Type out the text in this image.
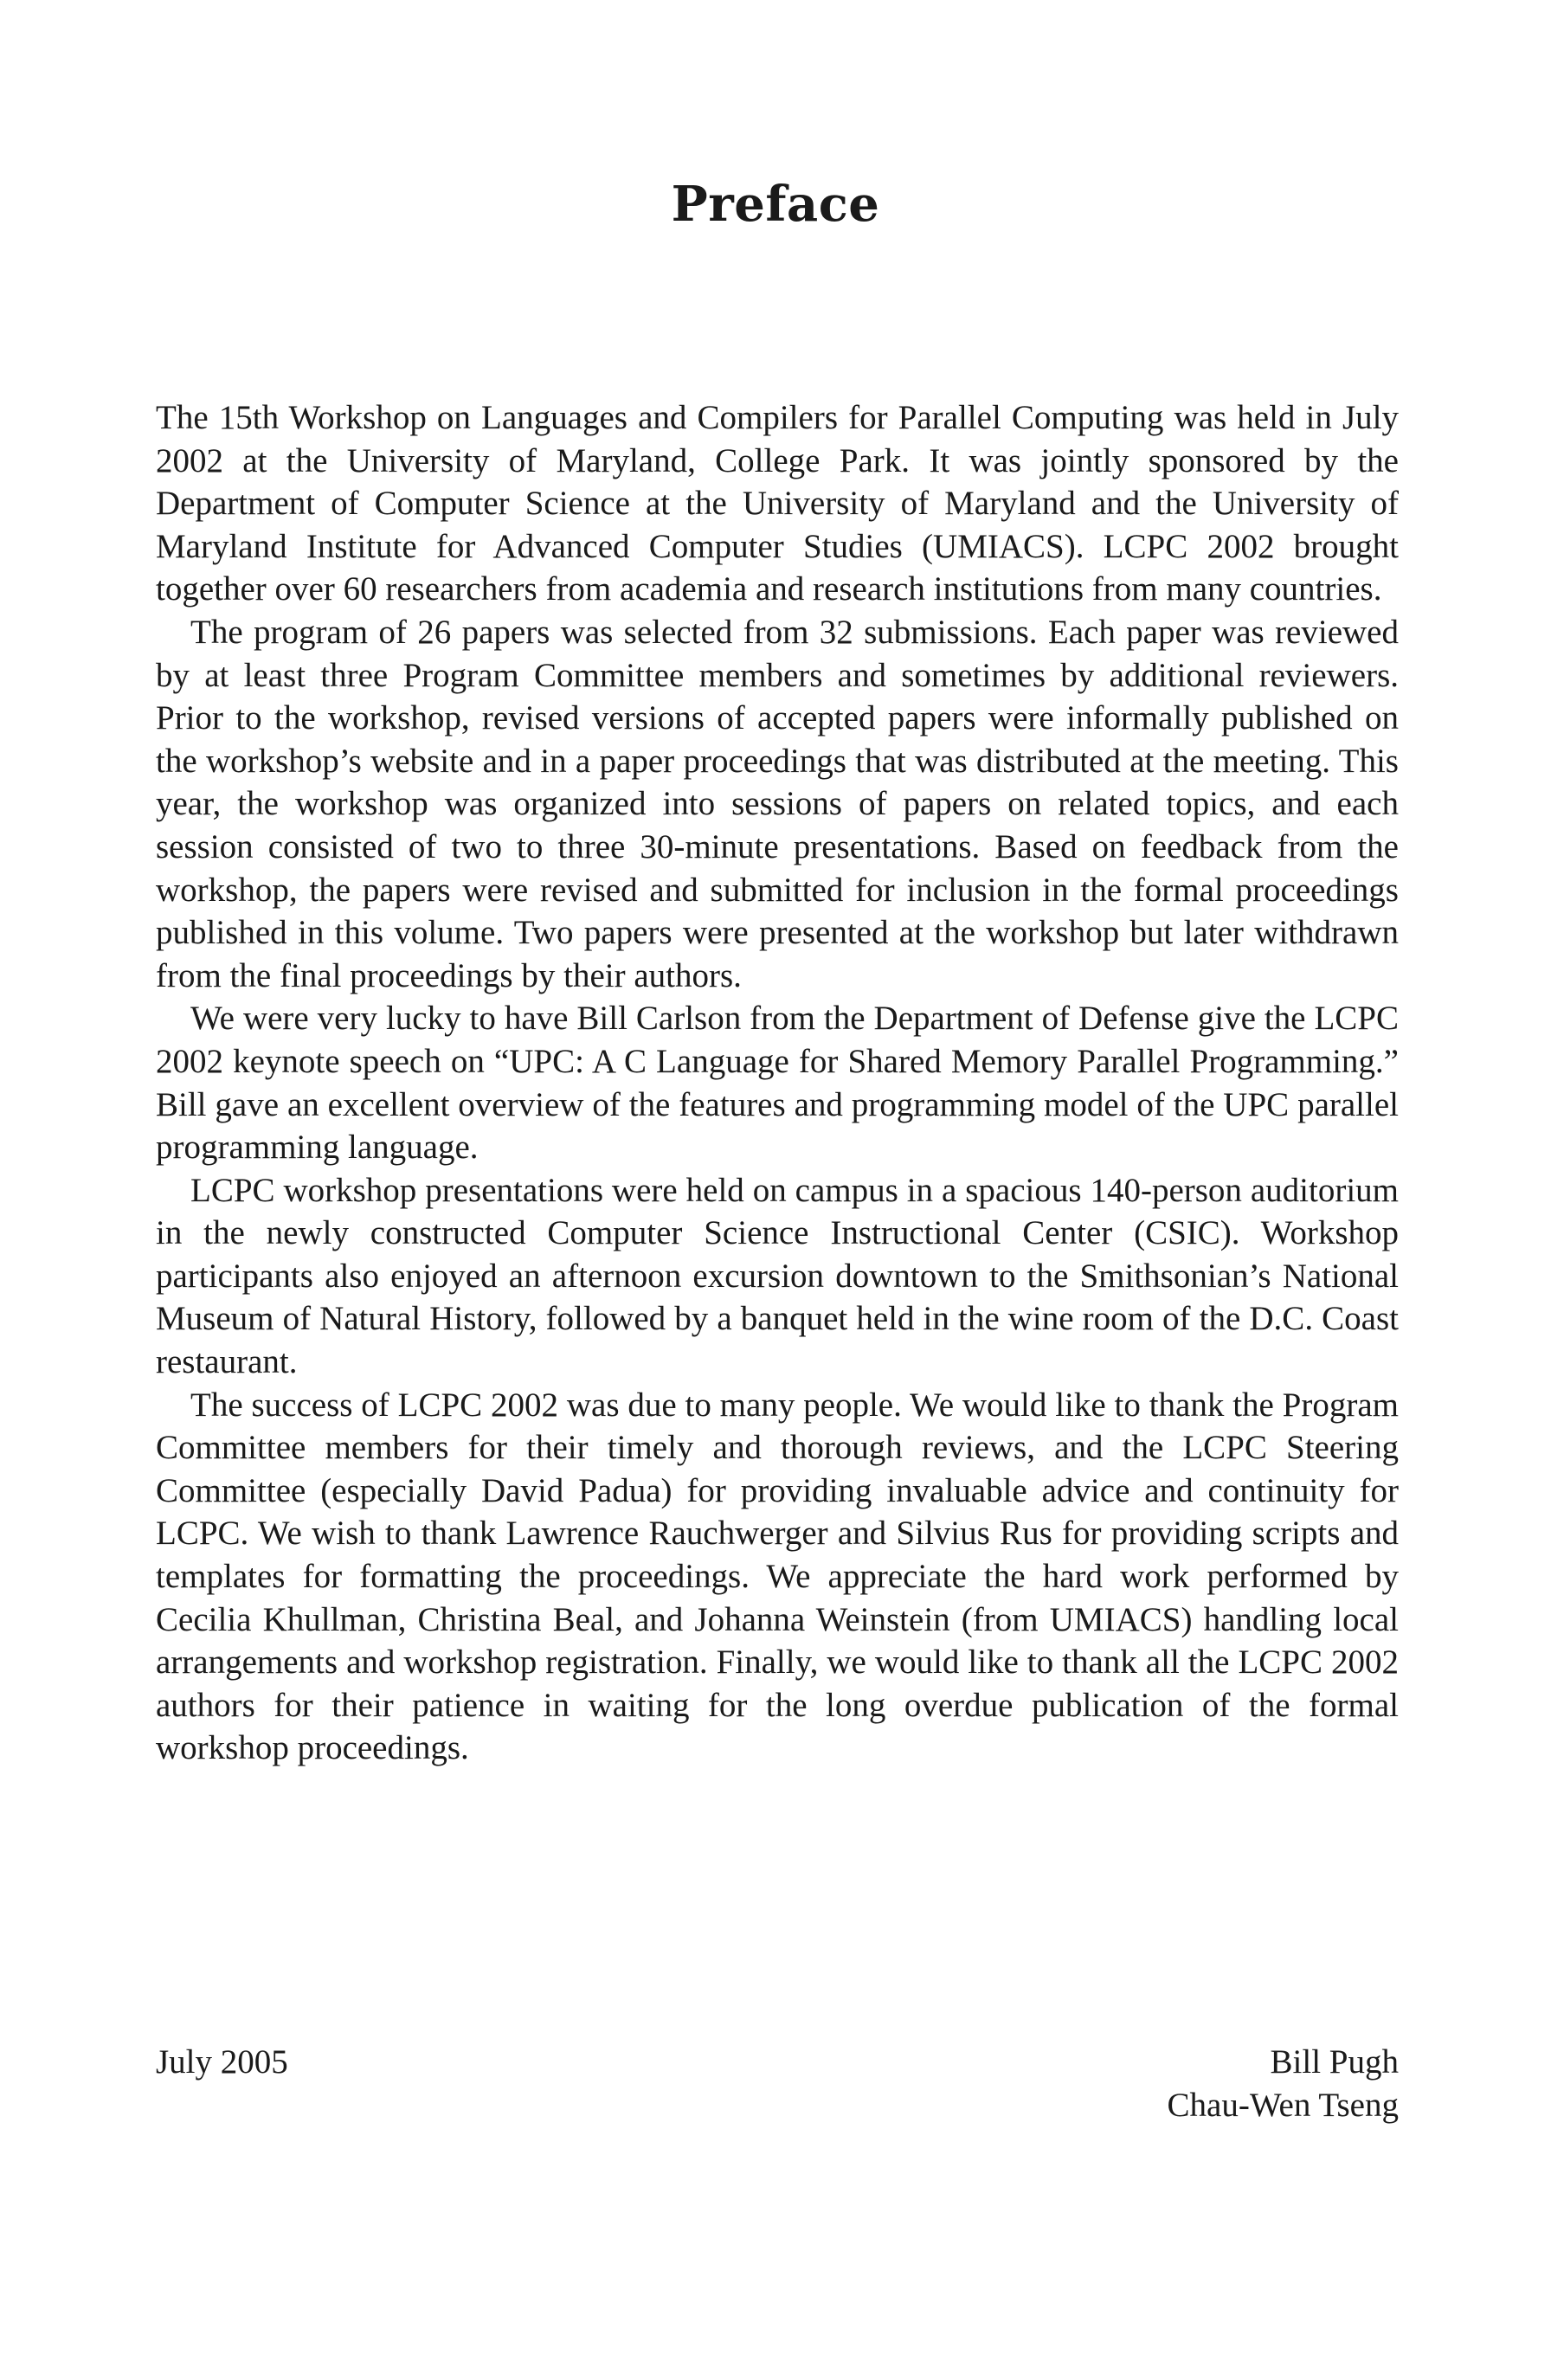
Preface

The 15th Workshop on Languages and Compilers for Parallel Computing was held in July 2002 at the University of Maryland, College Park. It was jointly sponsored by the Department of Computer Science at the University of Maryland and the University of Maryland Institute for Advanced Computer Studies (UMIACS). LCPC 2002 brought together over 60 researchers from academia and research institutions from many countries.

The program of 26 papers was selected from 32 submissions. Each paper was reviewed by at least three Program Committee members and sometimes by additional reviewers. Prior to the workshop, revised versions of accepted papers were informally published on the workshop’s website and in a paper proceedings that was distributed at the meeting. This year, the workshop was organized into sessions of papers on related topics, and each session consisted of two to three 30-minute presentations. Based on feedback from the workshop, the papers were revised and submitted for inclusion in the formal proceedings published in this volume. Two papers were presented at the workshop but later withdrawn from the final proceedings by their authors.

We were very lucky to have Bill Carlson from the Department of Defense give the LCPC 2002 keynote speech on “UPC: A C Language for Shared Memory Parallel Programming.” Bill gave an excellent overview of the features and programming model of the UPC parallel programming language.

LCPC workshop presentations were held on campus in a spacious 140-person auditorium in the newly constructed Computer Science Instructional Center (CSIC). Workshop participants also enjoyed an afternoon excursion downtown to the Smithsonian’s National Museum of Natural History, followed by a banquet held in the wine room of the D.C. Coast restaurant.

The success of LCPC 2002 was due to many people. We would like to thank the Program Committee members for their timely and thorough reviews, and the LCPC Steering Committee (especially David Padua) for providing invaluable advice and continuity for LCPC. We wish to thank Lawrence Rauchwerger and Silvius Rus for providing scripts and templates for formatting the proceedings. We appreciate the hard work performed by Cecilia Khullman, Christina Beal, and Johanna Weinstein (from UMIACS) handling local arrangements and workshop registration. Finally, we would like to thank all the LCPC 2002 authors for their patience in waiting for the long overdue publication of the formal workshop proceedings.

July 2005	Bill Pugh
Chau-Wen Tseng
